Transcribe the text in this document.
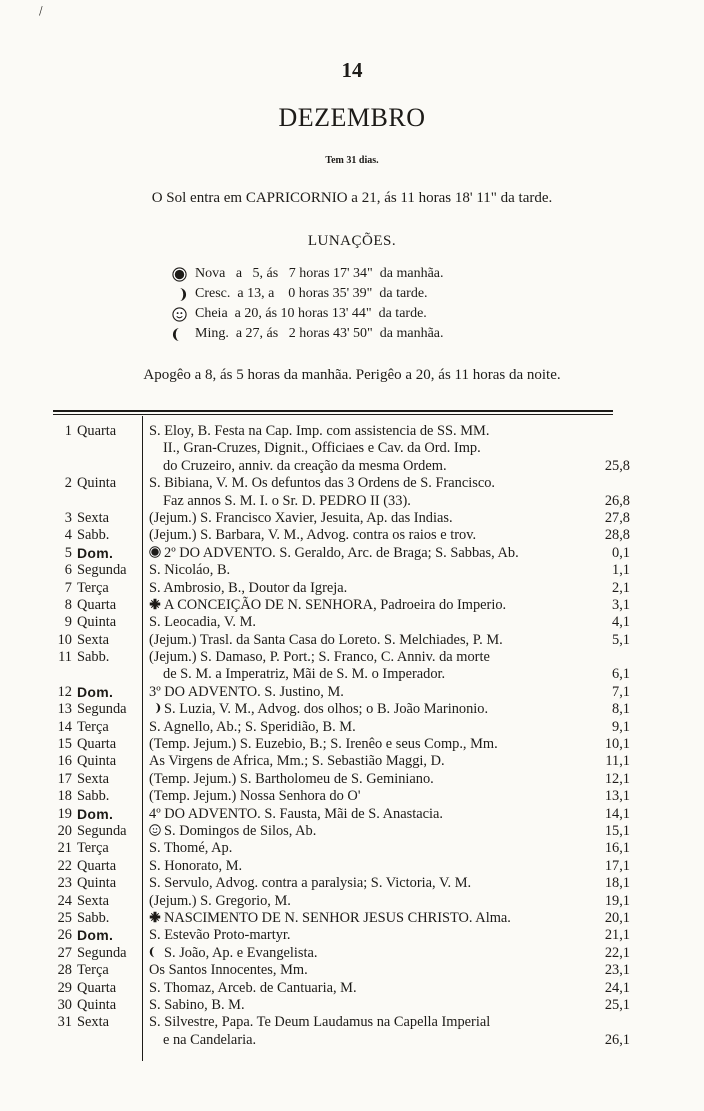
\
14
DEZEMBRO
Tem 31 dias.
O Sol entra em CAPRICORNIO a 21, ás 11 horas 18' 11" da tarde.
LUNAÇÕES.
Nova   a   5, ás   7 horas 17' 34"  da manhãa.
Cresc.  a 13, a    0 horas 35' 39"  da tarde.
Cheia  a 20, ás 10 horas 13' 44"  da tarde.
Ming.  a 27, ás   2 horas 43' 50"  da manhãa.
Apogêo a 8, ás 5 horas da manhãa. Perigêo a 20, ás 11 horas da noite.
1 Quarta S. Eloy, B. Festa na Cap. Imp. com assistencia de SS. MM.
II., Gran-Cruzes, Dignit., Officiaes e Cav. da Ord. Imp.
do Cruzeiro, anniv. da creação da mesma Ordem.	25,8
2 Quinta S. Bibiana, V. M. Os defuntos das 3 Ordens de S. Francisco.
Faz annos S. M. I. o Sr. D. PEDRO II (33).	26,8
3 Sexta	(Jejum.) S. Francisco Xavier, Jesuita, Ap. das Indias.	27,8
4 Sabb.	(Jejum.) S. Barbara, V. M., Advog. contra os raios e trov.	28,8
5 Dom.	2º DO ADVENTO. S. Geraldo, Arc. de Braga; S. Sabbas, Ab.	0,1
6 Segunda S. Nicoláo, B.	1,1
7 Terça	S. Ambrosio, B., Doutor da Igreja.	2,1
8 Quarta	A CONCEIÇÃO DE N. SENHORA, Padroeira do Imperio.	3,1
9 Quinta S. Leocadia, V. M.	4,1
10 Sexta	(Jejum.) Trasl. da Santa Casa do Loreto. S. Melchiades, P. M.	5,1
11 Sabb.	(Jejum.) S. Damaso, P. Port.; S. Franco, C. Anniv. da morte
de S. M. a Imperatriz, Mãi de S. M. o Imperador.	6,1
12 Dom. 3º DO ADVENTO. S. Justino, M.	7,1
13 Segunda	S. Luzia, V. M., Advog. dos olhos; o B. João Marinonio.	8,1
14 Terça	S. Agnello, Ab.; S. Speridião, B. M.	9,1
15 Quarta (Temp. Jejum.) S. Euzebio, B.; S. Irenêo e seus Comp., Mm.	10,1
16 Quinta As Virgens de Africa, Mm.; S. Sebastião Maggi, D.	11,1
17 Sexta	(Temp. Jejum.) S. Bartholomeu de S. Geminiano.	12,1
18 Sabb.	(Temp. Jejum.) Nossa Senhora do O'	13,1
19 Dom. 4º DO ADVENTO. S. Fausta, Mãi de S. Anastacia.	14,1
20 Segunda	S. Domingos de Silos, Ab.	15,1
21 Terça	S. Thomé, Ap.	16,1
22 Quarta S. Honorato, M.	17,1
23 Quinta S. Servulo, Advog. contra a paralysia; S. Victoria, V. M.	18,1
24 Sexta	(Jejum.) S. Gregorio, M.	19,1
25 Sabb.	NASCIMENTO DE N. SENHOR JESUS CHRISTO. Alma.	20,1
26 Dom. S. Estevão Proto-martyr.	21,1
27 Segunda	S. João, Ap. e Evangelista.	22,1
28 Terça	Os Santos Innocentes, Mm.	23,1
29 Quarta S. Thomaz, Arceb. de Cantuaria, M.	24,1
30 Quinta S. Sabino, B. M.	25,1
31 Sexta	S. Silvestre, Papa. Te Deum Laudamus na Capella Imperial
e na Candelaria.	26,1
